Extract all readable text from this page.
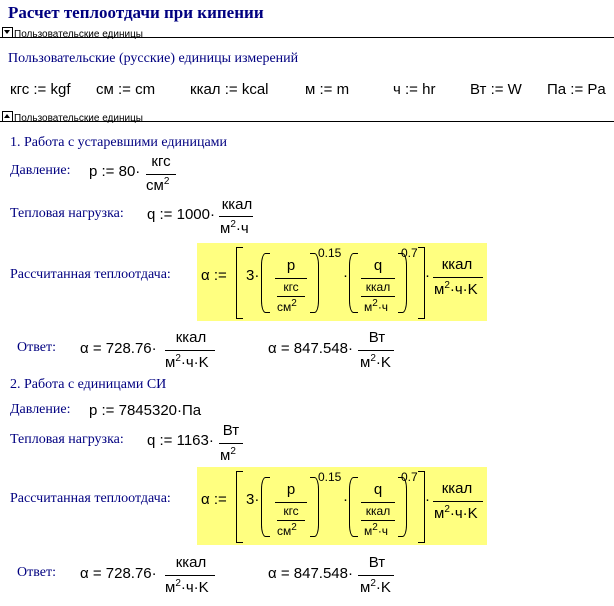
Расчет теплоотдачи при кипении
Пользовательские единицы
Пользовательские (русские) единицы измерений
кгс := kgf см := cm ккал := kcal м := m	ч := hr Вт := W Па := Pa
Пользовательские единицы
1. Работа с устаревшими единицами
Давление: p := 80·
кгс
$см^2$
Тепловая нагрузка: q := 1000·
ккал
$м^2\cdot ч$
Рассчитанная теплоотдача: α := 3·
p
кгс
$см^2$
0.15
·
q
ккал
$м^2\cdot ч$
0.7
·
ккал
$м^2\cdot ч\cdot K$
Ответ: α = 728.76·
ккал
$м^2\cdot ч\cdot K$
α = 847.548·
Вт
$м^2\cdot K$
2. Работа с единицами СИ
Давление: p := 7845320·Па
Тепловая нагрузка: q := 1163·
Вт
$м^2$
Рассчитанная теплоотдача: α := 3·
p
кгс
$см^2$
0.15
·
q
ккал
$м^2\cdot ч$
0.7
·
ккал
$м^2\cdot ч\cdot K$
Ответ: α = 728.76·
ккал
$м^2\cdot ч\cdot K$
α = 847.548·
Вт
$м^2\cdot K$
